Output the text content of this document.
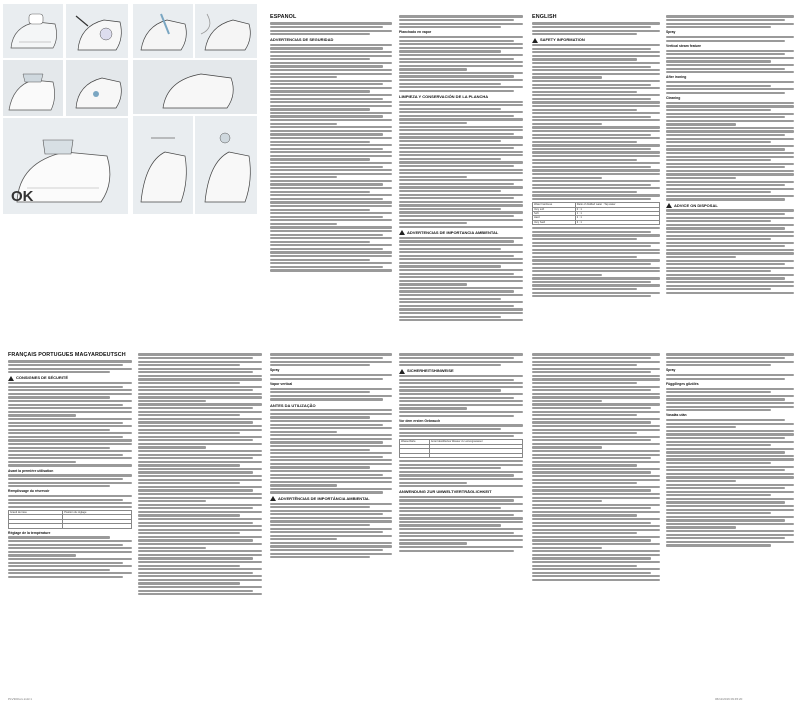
OK
ESPAÑOL
ADVERTENCIAS DE SEGURIDAD
Planchado en vapor
LIMPIEZA Y CONSERVACIÓN DE LA PLANCHA
ADVERTENCIAS DE IMPORTANCIA AMBIENTAL
ENGLISH
SAFETY INFORMATION
Water hardness	Ratio of distilled water : Tap water
Very soft	0 : 1
Soft	1 : 1
Hard	2 : 1
Very hard	3 : 1
Spray
Vertical steam feature
After ironing
Cleaning
ADVICE ON DISPOSAL
FRANÇAIS PORTUGUÊS MAGYARDEUTSCH
CONSIGNES DE SÉCURITÉ
Avant la première utilisation
Remplissage du réservoir
Grand de tissu	Position du réglage

Réglage de la température
Spray
Vapor vertical
ANTES DA UTILIZAÇÃO
ADVERTÊNCIAS DE IMPORTÂNCIA AMBIENTAL
SICHERHEITSHINWEISE
Vor dem ersten Gebrauch
Wasserhärte	Anteil destilliertes Wasser zu Leitungswasser

ANWENDUNG ZUR UMWELTVERTRÄGLICHKEIT
Spray
Függőleges gőzölés
Vasalás után
PLV300xxx.indd 1	06/11/2016 09:45:20
